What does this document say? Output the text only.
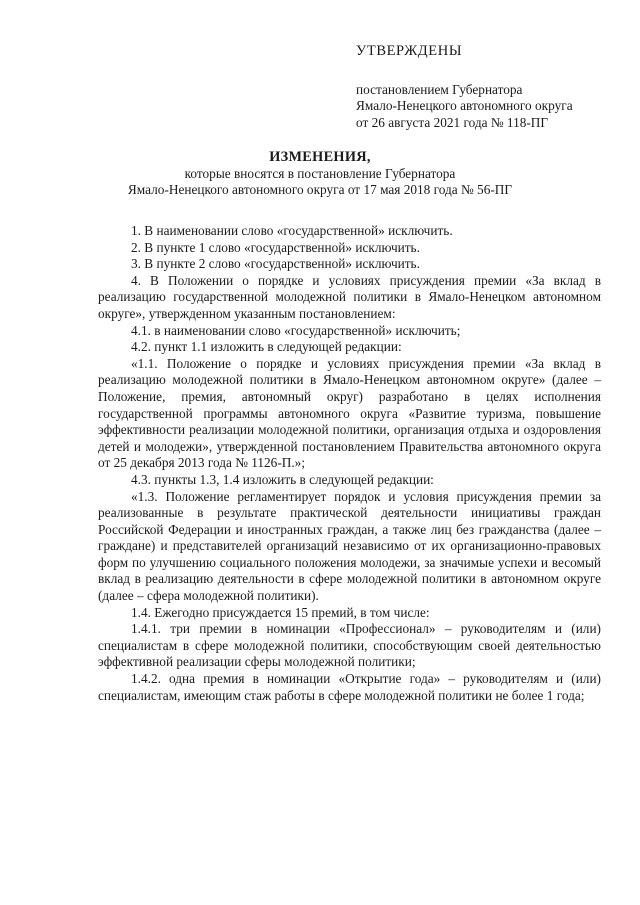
УТВЕРЖДЕНЫ
постановлением Губернатора
Ямало-Ненецкого автономного округа
от 26 августа 2021 года № 118-ПГ
ИЗМЕНЕНИЯ,
которые вносятся в постановление Губернатора
Ямало-Ненецкого автономного округа от 17 мая 2018 года № 56-ПГ

1. В наименовании слово «государственной» исключить.

2. В пункте 1 слово «государственной» исключить.

3. В пункте 2 слово «государственной» исключить.

4. В Положении о порядке и условиях присуждения премии «За вклад в реализацию государственной молодежной политики в Ямало-Ненецком автономном округе», утвержденном указанным постановлением:

4.1. в наименовании слово «государственной» исключить;

4.2. пункт 1.1 изложить в следующей редакции:

«1.1. Положение о порядке и условиях присуждения премии «За вклад в реализацию молодежной политики в Ямало-Ненецком автономном округе» (далее – Положение, премия, автономный округ) разработано в целях исполнения государственной программы автономного округа «Развитие туризма, повышение эффективности реализации молодежной политики, организация отдыха и оздоровления детей и молодежи», утвержденной постановлением Правительства автономного округа от 25 декабря 2013 года № 1126-П.»;

4.3. пункты 1.3, 1.4 изложить в следующей редакции:

«1.3. Положение регламентирует порядок и условия присуждения премии за реализованные в результате практической деятельности инициативы граждан Российской Федерации и иностранных граждан, а также лиц без гражданства (далее – граждане) и представителей организаций независимо от их организационно-правовых форм по улучшению социального положения молодежи, за значимые успехи и весомый вклад в реализацию деятельности в сфере молодежной политики в автономном округе (далее – сфера молодежной политики).

1.4. Ежегодно присуждается 15 премий, в том числе:

1.4.1. три премии в номинации «Профессионал» – руководителям и (или) специалистам в сфере молодежной политики, способствующим своей деятельностью эффективной реализации сферы молодежной политики;

1.4.2. одна премия в номинации «Открытие года» – руководителям и (или) специалистам, имеющим стаж работы в сфере молодежной политики не более 1 года;
